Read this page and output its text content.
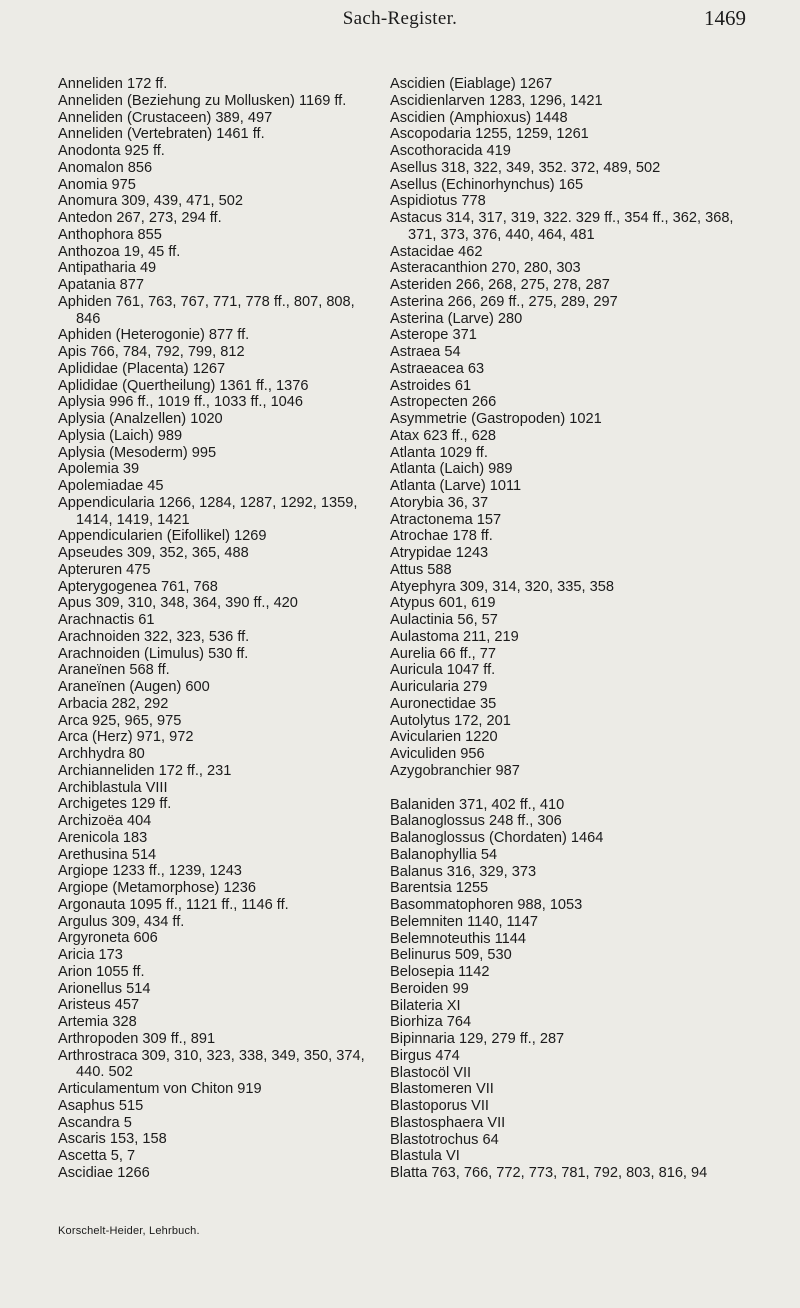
Sach-Register.	1469
Anneliden 172 ff.
Anneliden (Beziehung zu Mollusken) 1169 ff.
Anneliden (Crustaceen) 389, 497
Anneliden (Vertebraten) 1461 ff.
Anodonta 925 ff.
Anomalon 856
Anomia 975
Anomura 309, 439, 471, 502
Antedon 267, 273, 294 ff.
Anthophora 855
Anthozoa 19, 45 ff.
Antipatharia 49
Apatania 877
Aphiden 761, 763, 767, 771, 778 ff., 807, 808, 846
Aphiden (Heterogonie) 877 ff.
Apis 766, 784, 792, 799, 812
Aplididae (Placenta) 1267
Aplididae (Quertheilung) 1361 ff., 1376
Aplysia 996 ff., 1019 ff., 1033 ff., 1046
Aplysia (Analzellen) 1020
Aplysia (Laich) 989
Aplysia (Mesoderm) 995
Apolemia 39
Apolemiadae 45
Appendicularia 1266, 1284, 1287, 1292, 1359, 1414, 1419, 1421
Appendicularien (Eifollikel) 1269
Apseudes 309, 352, 365, 488
Apteruren 475
Apterygogenea 761, 768
Apus 309, 310, 348, 364, 390 ff., 420
Arachnactis 61
Arachnoiden 322, 323, 536 ff.
Arachnoiden (Limulus) 530 ff.
Araneïnen 568 ff.
Araneïnen (Augen) 600
Arbacia 282, 292
Arca 925, 965, 975
Arca (Herz) 971, 972
Archhydra 80
Archianneliden 172 ff., 231
Archiblastula VIII
Archigetes 129 ff.
Archizoëa 404
Arenicola 183
Arethusina 514
Argiope 1233 ff., 1239, 1243
Argiope (Metamorphose) 1236
Argonauta 1095 ff., 1121 ff., 1146 ff.
Argulus 309, 434 ff.
Argyroneta 606
Aricia 173
Arion 1055 ff.
Arionellus 514
Aristeus 457
Artemia 328
Arthropoden 309 ff., 891
Arthrostraca 309, 310, 323, 338, 349, 350, 374, 440. 502
Articulamentum von Chiton 919
Asaphus 515
Ascandra 5
Ascaris 153, 158
Ascetta 5, 7
Ascidiae 1266
Ascidien (Eiablage) 1267
Ascidienlarven 1283, 1296, 1421
Ascidien (Amphioxus) 1448
Ascopodaria 1255, 1259, 1261
Ascothoracida 419
Asellus 318, 322, 349, 352. 372, 489, 502
Asellus (Echinorhynchus) 165
Aspidiotus 778
Astacus 314, 317, 319, 322. 329 ff., 354 ff., 362, 368, 371, 373, 376, 440, 464, 481
Astacidae 462
Asteracanthion 270, 280, 303
Asteriden 266, 268, 275, 278, 287
Asterina 266, 269 ff., 275, 289, 297
Asterina (Larve) 280
Asterope 371
Astraea 54
Astraeacea 63
Astroides 61
Astropecten 266
Asymmetrie (Gastropoden) 1021
Atax 623 ff., 628
Atlanta 1029 ff.
Atlanta (Laich) 989
Atlanta (Larve) 1011
Atorybia 36, 37
Atractonema 157
Atrochae 178 ff.
Atrypidae 1243
Attus 588
Atyephyra 309, 314, 320, 335, 358
Atypus 601, 619
Aulactinia 56, 57
Aulastoma 211, 219
Aurelia 66 ff., 77
Auricula 1047 ff.
Auricularia 279
Auronectidae 35
Autolytus 172, 201
Avicularien 1220
Aviculiden 956
Azygobranchier 987
Balaniden 371, 402 ff., 410
Balanoglossus 248 ff., 306
Balanoglossus (Chordaten) 1464
Balanophyllia 54
Balanus 316, 329, 373
Barentsia 1255
Basommatophoren 988, 1053
Belemniten 1140, 1147
Belemnoteuthis 1144
Belinurus 509, 530
Belosepia 1142
Beroiden 99
Bilateria XI
Biorhiza 764
Bipinnaria 129, 279 ff., 287
Birgus 474
Blastocöl VII
Blastomeren VII
Blastoporus VII
Blastosphaera VII
Blastotrochus 64
Blastula VI
Blatta 763, 766, 772, 773, 781, 792, 803, 816, 94
Korschelt-Heider, Lehrbuch.
